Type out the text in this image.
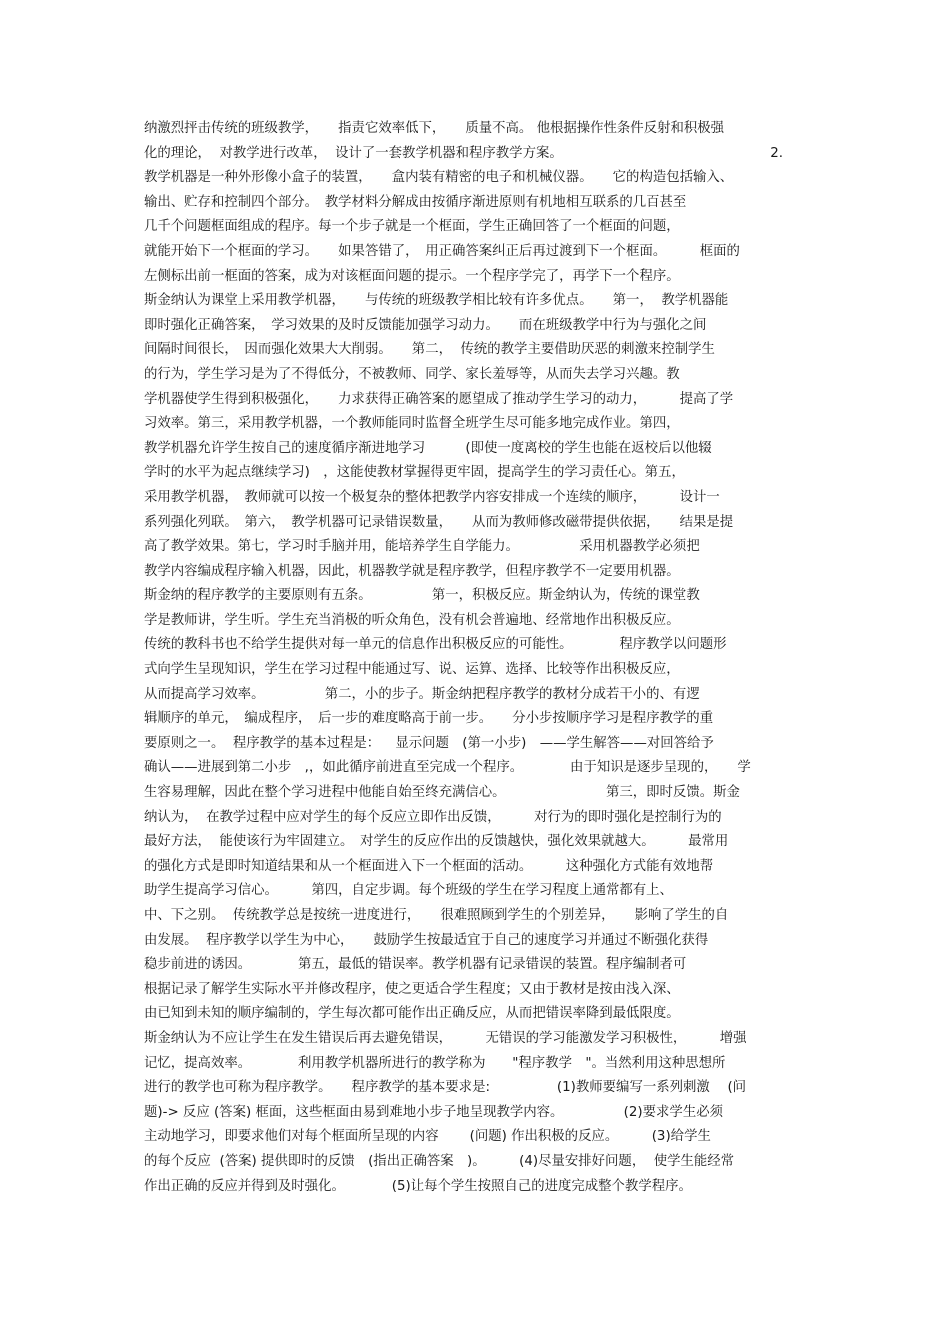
纳激烈抨击传统的班级教学，　　指责它效率低下，　　质量不高。 他根据操作性条件反射和积极强
化的理论，  对教学进行改革，  设计了一套教学机器和程序教学方案。　　　　　　　　　　　　　　　　2.
教学机器是一种外形像小盒子的装置，　　盒内装有精密的电子和机械仪器。　　它的构造包括输入、
输出、贮存和控制四个部分。　教学材料分解成由按循序渐进原则有机地相互联系的几百甚至
几千个问题框面组成的程序。每一个步子就是一个框面，学生正确回答了一个框面的问题，
就能开始下一个框面的学习。　　如果答错了，　用正确答案纠正后再过渡到下一个框面。　　　框面的
左侧标出前一框面的答案，成为对该框面问题的提示。一个程序学完了，再学下一个程序。
斯金纳认为课堂上采用教学机器，　　与传统的班级教学相比较有许多优点。　　第一，  教学机器能
即时强化正确答案，　学习效果的及时反馈能加强学习动力。　　而在班级教学中行为与强化之间
间隔时间很长，　因而强化效果大大削弱。　　第二，  传统的教学主要借助厌恶的刺激来控制学生
的行为，学生学习是为了不得低分，不被教师、同学、家长羞辱等，从而失去学习兴趣。教
学机器使学生得到积极强化，　　力求获得正确答案的愿望成了推动学生学习的动力，　　　提高了学
习效率。第三，采用教学机器，一个教师能同时监督全班学生尽可能多地完成作业。第四，
教学机器允许学生按自己的速度循序渐进地学习　　　(即使一度离校的学生也能在返校后以他辍
学时的水平为起点继续学习)　，这能使教材掌握得更牢固，提高学生的学习责任心。第五，
采用教学机器，　教师就可以按一个极复杂的整体把教学内容安排成一个连续的顺序，　　　设计一
系列强化列联。　第六，　教学机器可记录错误数量，　　从而为教师修改磁带提供依据，　　结果是提
高了教学效果。第七，学习时手脑并用，能培养学生自学能力。　　　　　采用机器教学必须把
教学内容编成程序输入机器，因此，机器教学就是程序教学，但程序教学不一定要用机器。
斯金纳的程序教学的主要原则有五条。　　　　　第一，积极反应。斯金纳认为，传统的课堂教
学是教师讲，学生听。学生充当消极的听众角色，没有机会普遍地、经常地作出积极反应。
传统的教科书也不给学生提供对每一单元的信息作出积极反应的可能性。　　　　程序教学以问题形
式向学生呈现知识，学生在学习过程中能通过写、说、运算、选择、比较等作出积极反应，
从而提高学习效率。　　　　　第二，小的步子。斯金纳把程序教学的教材分成若干小的、有逻
辑顺序的单元，　编成程序，　后一步的难度略高于前一步。　　分小步按顺序学习是程序教学的重
要原则之一。  程序教学的基本过程是：　  显示问题　(第一小步)　——学生解答——对回答给予
确认——进展到第二小步　,，如此循序前进直至完成一个程序。　　　　由于知识是逐步呈现的，　　学
生容易理解，因此在整个学习进程中他能自始至终充满信心。　　　　　　　　第三，即时反馈。斯金
纳认为，  在教学过程中应对学生的每个反应立即作出反馈，　　　对行为的即时强化是控制行为的
最好方法，  能使该行为牢固建立。　对学生的反应作出的反馈越快，强化效果就越大。　　　最常用
的强化方式是即时知道结果和从一个框面进入下一个框面的活动。　　　这种强化方式能有效地帮
助学生提高学习信心。　　　第四，自定步调。每个班级的学生在学习程度上通常都有上、
中、下之别。  传统教学总是按统一进度进行，　　很难照顾到学生的个别差异，　　影响了学生的自
由发展。  程序教学以学生为中心，　　鼓励学生按最适宜于自己的速度学习并通过不断强化获得
稳步前进的诱因。　　　　第五，最低的错误率。教学机器有记录错误的装置。程序编制者可
根据记录了解学生实际水平并修改程序，使之更适合学生程度；又由于教材是按由浅入深、
由已知到未知的顺序编制的，学生每次都可能作出正确反应，从而把错误率降到最低限度。
斯金纳认为不应让学生在发生错误后再去避免错误，　　　无错误的学习能激发学习积极性，　　　增强
记忆，提高效率。　　　　利用教学机器所进行的教学称为　　"程序教学　"。当然利用这种思想所
进行的教学也可称为程序教学。　　程序教学的基本要求是:　　　　　(1)教师要编写一系列刺激　 (问
题)-> 反应 (答案) 框面，这些框面由易到难地小步子地呈现教学内容。　　　　　(2)要求学生必须
主动地学习，即要求他们对每个框面所呈现的内容　　 (问题) 作出积极的反应。　　　(3)给学生
的每个反应  (答案) 提供即时的反馈　(指出正确答案　)。　　　(4)尽量安排好问题，  使学生能经常
作出正确的反应并得到及时强化。　　　　(5)让每个学生按照自己的进度完成整个教学程序。
